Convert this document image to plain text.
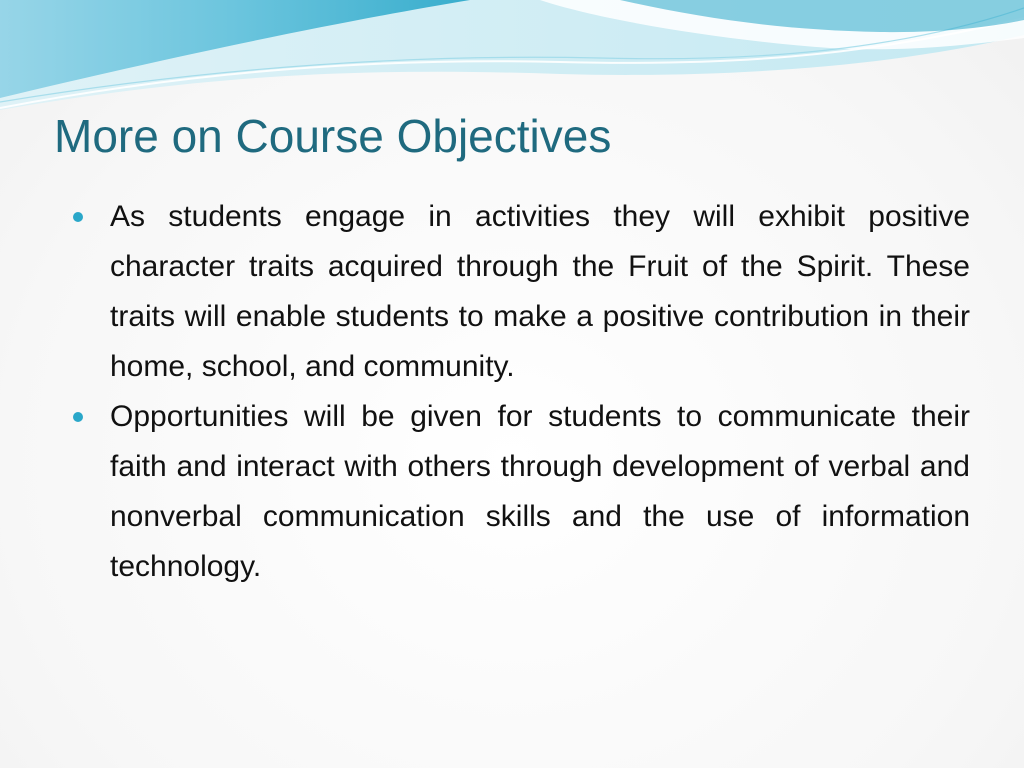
More on Course Objectives
As students engage in activities they will exhibit positive character traits acquired through the Fruit of the Spirit. These traits will enable students to make a positive contribution in their home, school, and community.
Opportunities will be given for students to communicate their faith and interact with others through development of verbal and nonverbal communication skills and the use of information technology.
